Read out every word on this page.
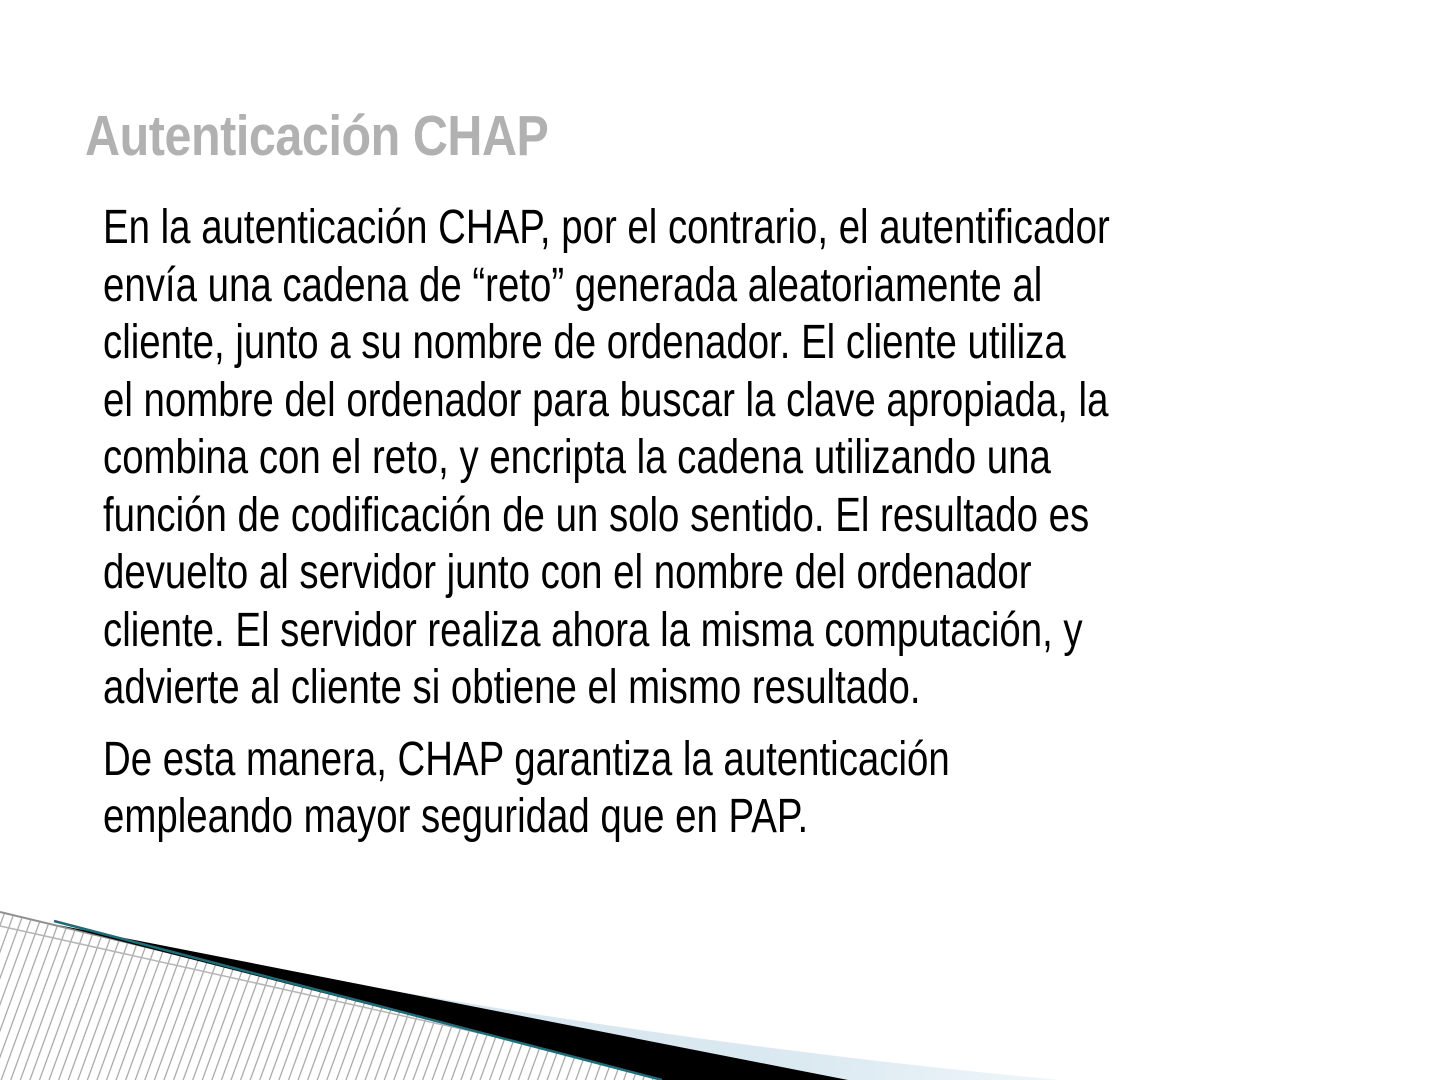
Autenticación CHAP

En la autenticación CHAP, por el contrario, el autentificador
envía una cadena de “reto” generada aleatoriamente al
cliente, junto a su nombre de ordenador. El cliente utiliza
el nombre del ordenador para buscar la clave apropiada, la
combina con el reto, y encripta la cadena utilizando una
función de codificación de un solo sentido. El resultado es
devuelto al servidor junto con el nombre del ordenador
cliente. El servidor realiza ahora la misma computación, y
advierte al cliente si obtiene el mismo resultado.

De esta manera, CHAP garantiza la autenticación
empleando mayor seguridad que en PAP.
